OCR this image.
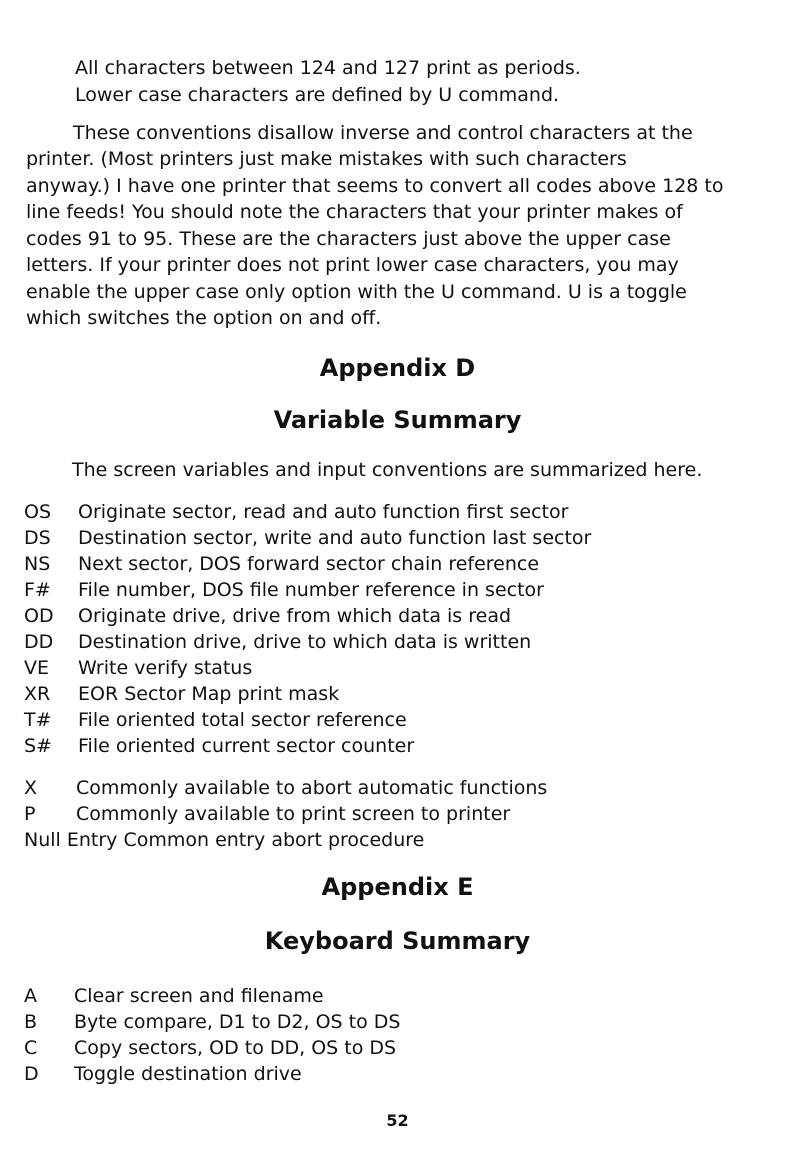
All characters between 124 and 127 print as periods.
Lower case characters are defined by U command.
These conventions disallow inverse and control characters at the
printer. (Most printers just make mistakes with such characters
anyway.) I have one printer that seems to convert all codes above 128 to
line feeds! You should note the characters that your printer makes of
codes 91 to 95. These are the characters just above the upper case
letters. If your printer does not print lower case characters, you may
enable the upper case only option with the U command. U is a toggle
which switches the option on and off.
Appendix D
Variable Summary
The screen variables and input conventions are summarized here.
OS Originate sector, read and auto function first sector
DS Destination sector, write and auto function last sector
NS Next sector, DOS forward sector chain reference
F# File number, DOS file number reference in sector
OD Originate drive, drive from which data is read
DD Destination drive, drive to which data is written
VE Write verify status
XR EOR Sector Map print mask
T# File oriented total sector reference
S# File oriented current sector counter
X Commonly available to abort automatic functions
P Commonly available to print screen to printer
Null Entry Common entry abort procedure
Appendix E
Keyboard Summary
A Clear screen and filename
B Byte compare, D1 to D2, OS to DS
C Copy sectors, OD to DD, OS to DS
D Toggle destination drive
52
